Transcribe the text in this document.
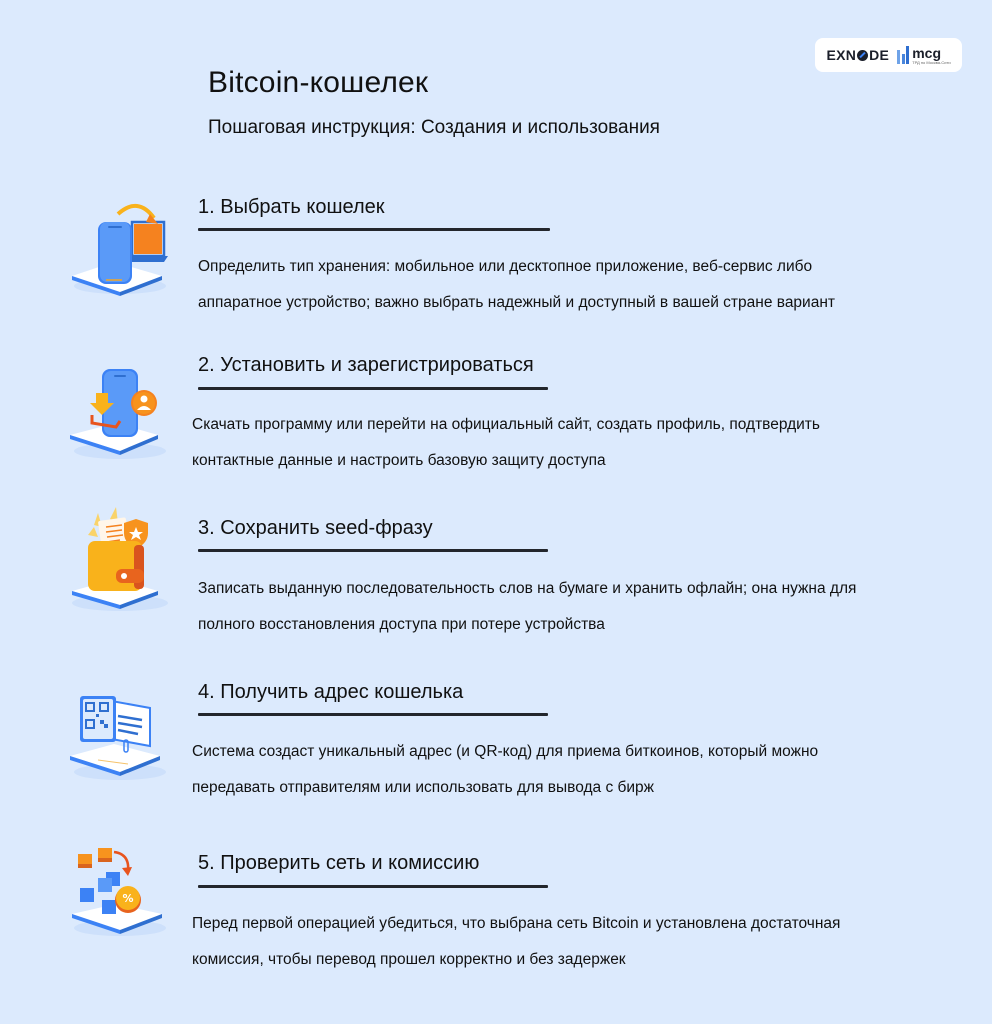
EXN DE mcg
ТРД по Москва-Сити
Bitcoin-кошелек
Пошаговая инструкция: Создания и использования
1. Выбрать кошелек

Определить тип хранения: мобильное или десктопное приложение, веб-сервис либо
аппаратное устройство; важно выбрать надежный и доступный в вашей стране вариант

2. Установить и зарегистрироваться

Скачать программу или перейти на официальный сайт, создать профиль, подтвердить
контактные данные и настроить базовую защиту доступа

3. Сохранить seed-фразу

Записать выданную последовательность слов на бумаге и хранить офлайн; она нужна для
полного восстановления доступа при потере устройства

4. Получить адрес кошелька

Система создаст уникальный адрес (и QR-код) для приема биткоинов, который можно
передавать отправителям или использовать для вывода с бирж

%
5. Проверить сеть и комиссию

Перед первой операцией убедиться, что выбрана сеть Bitcoin и установлена достаточная
комиссия, чтобы перевод прошел корректно и без задержек
